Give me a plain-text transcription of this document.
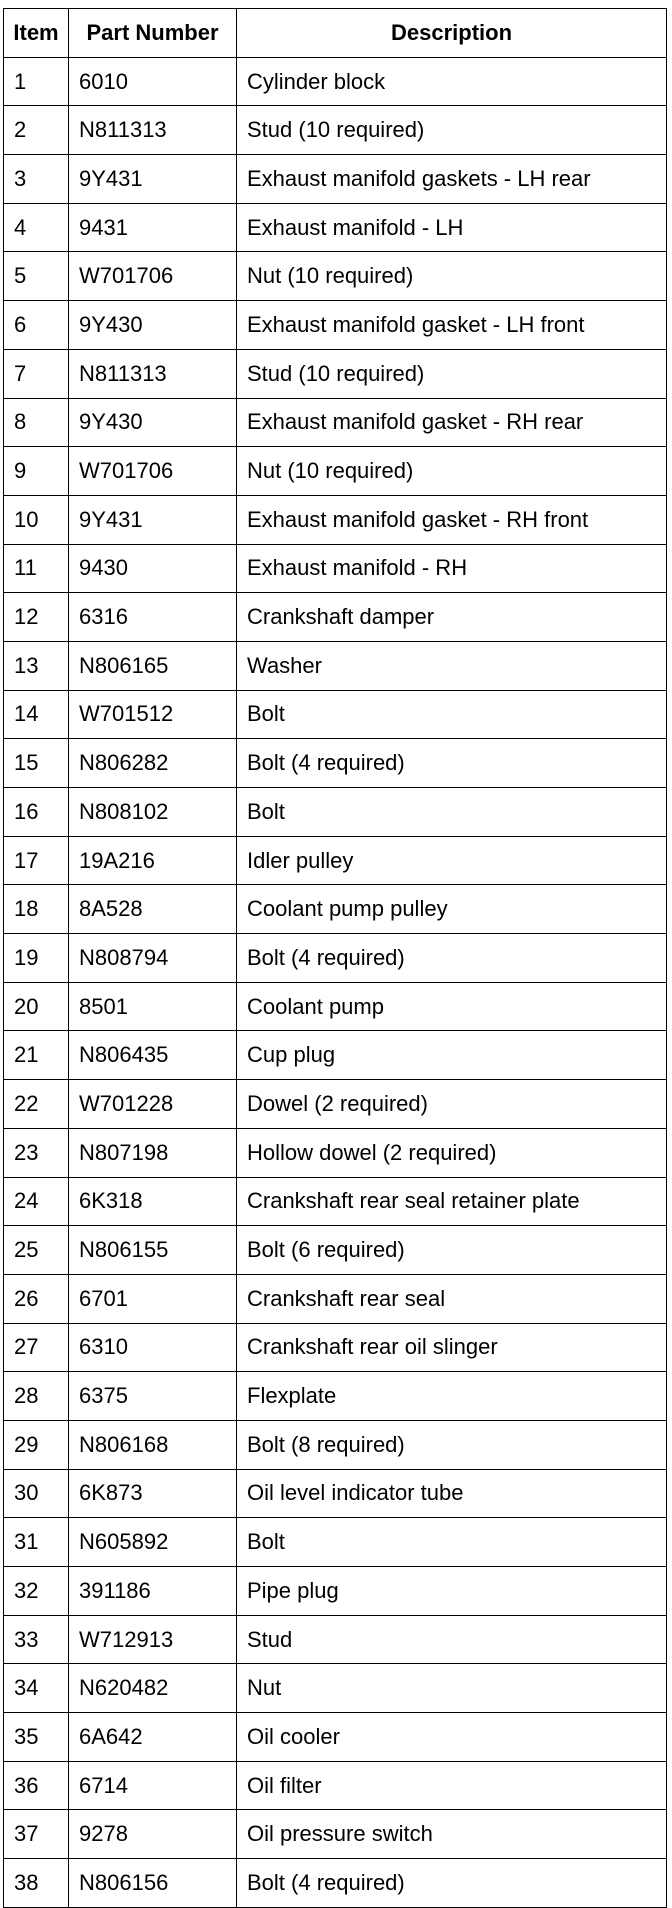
Item	Part Number	Description
1	6010	Cylinder block
2	N811313	Stud (10 required)
3	9Y431	Exhaust manifold gaskets - LH rear
4	9431	Exhaust manifold - LH
5	W701706	Nut (10 required)
6	9Y430	Exhaust manifold gasket - LH front
7	N811313	Stud (10 required)
8	9Y430	Exhaust manifold gasket - RH rear
9	W701706	Nut (10 required)
10	9Y431	Exhaust manifold gasket - RH front
11	9430	Exhaust manifold - RH
12	6316	Crankshaft damper
13	N806165	Washer
14	W701512	Bolt
15	N806282	Bolt (4 required)
16	N808102	Bolt
17	19A216	Idler pulley
18	8A528	Coolant pump pulley
19	N808794	Bolt (4 required)
20	8501	Coolant pump
21	N806435	Cup plug
22	W701228	Dowel (2 required)
23	N807198	Hollow dowel (2 required)
24	6K318	Crankshaft rear seal retainer plate
25	N806155	Bolt (6 required)
26	6701	Crankshaft rear seal
27	6310	Crankshaft rear oil slinger
28	6375	Flexplate
29	N806168	Bolt (8 required)
30	6K873	Oil level indicator tube
31	N605892	Bolt
32	391186	Pipe plug
33	W712913	Stud
34	N620482	Nut
35	6A642	Oil cooler
36	6714	Oil filter
37	9278	Oil pressure switch
38	N806156	Bolt (4 required)
